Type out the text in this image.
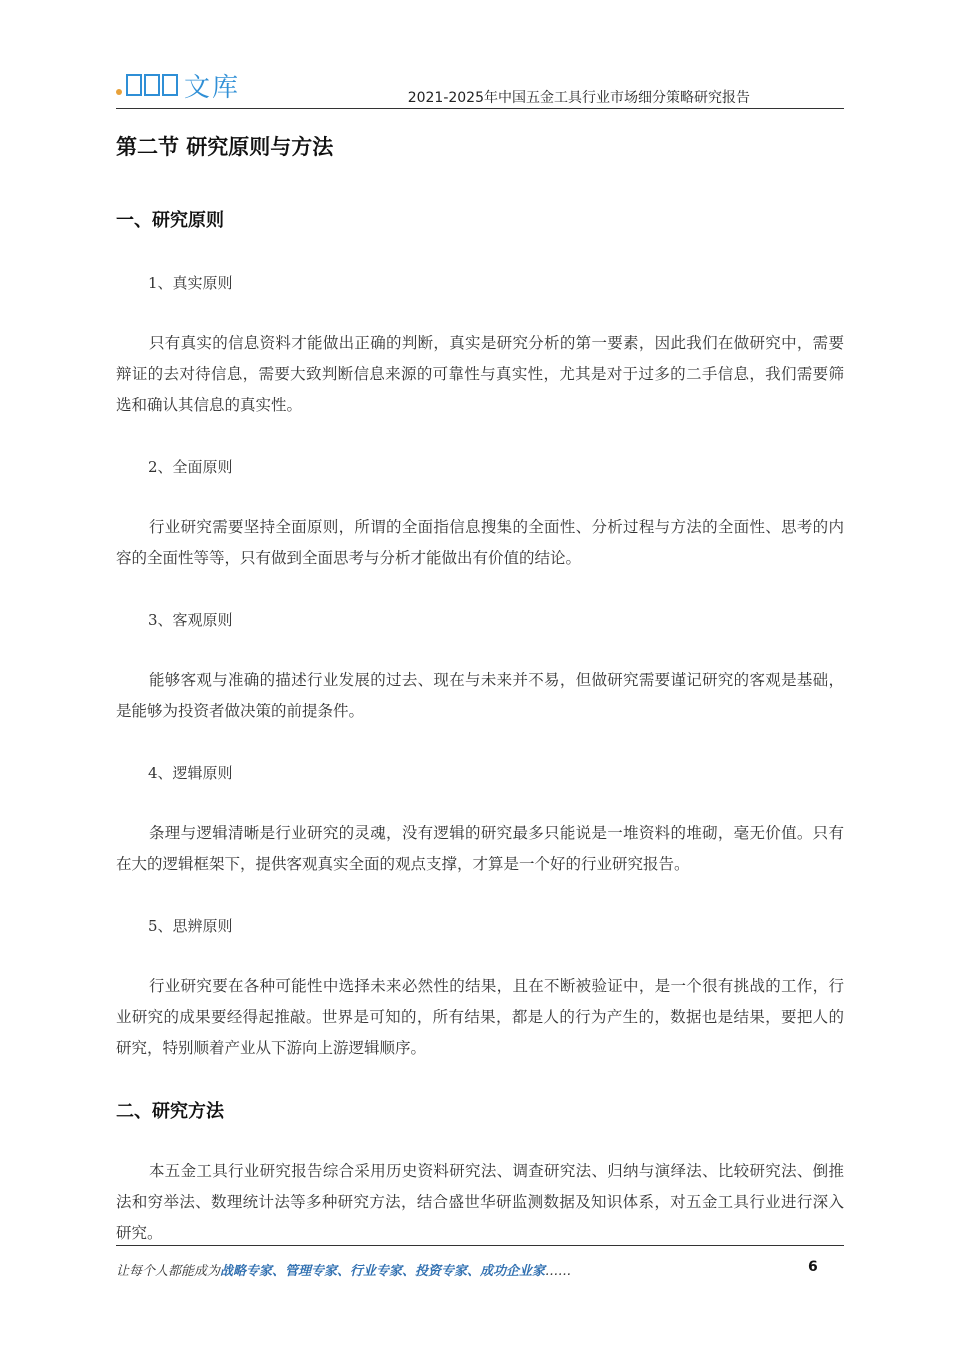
文库	2021-2025年中国五金工具行业市场细分策略研究报告
第二节 研究原则与方法
一、研究原则
1、真实原则
只有真实的信息资料才能做出正确的判断，真实是研究分析的第一要素，因此我们在做研究中，需要辩证的去对待信息，需要大致判断信息来源的可靠性与真实性，尤其是对于过多的二手信息，我们需要筛选和确认其信息的真实性。
2、全面原则
行业研究需要坚持全面原则，所谓的全面指信息搜集的全面性、分析过程与方法的全面性、思考的内容的全面性等等，只有做到全面思考与分析才能做出有价值的结论。
3、客观原则
能够客观与准确的描述行业发展的过去、现在与未来并不易，但做研究需要谨记研究的客观是基础，是能够为投资者做决策的前提条件。
4、逻辑原则
条理与逻辑清晰是行业研究的灵魂，没有逻辑的研究最多只能说是一堆资料的堆砌，毫无价值。只有在大的逻辑框架下，提供客观真实全面的观点支撑，才算是一个好的行业研究报告。
5、思辨原则
行业研究要在各种可能性中选择未来必然性的结果，且在不断被验证中，是一个很有挑战的工作，行业研究的成果要经得起推敲。世界是可知的，所有结果，都是人的行为产生的，数据也是结果，要把人的研究，特别顺着产业从下游向上游逻辑顺序。
二、研究方法
本五金工具行业研究报告综合采用历史资料研究法、调查研究法、归纳与演绎法、比较研究法、倒推法和穷举法、数理统计法等多种研究方法，结合盛世华研监测数据及知识体系，对五金工具行业进行深入研究。
让每个人都能成为战略专家、管理专家、行业专家、投资专家、成功企业家……	6
